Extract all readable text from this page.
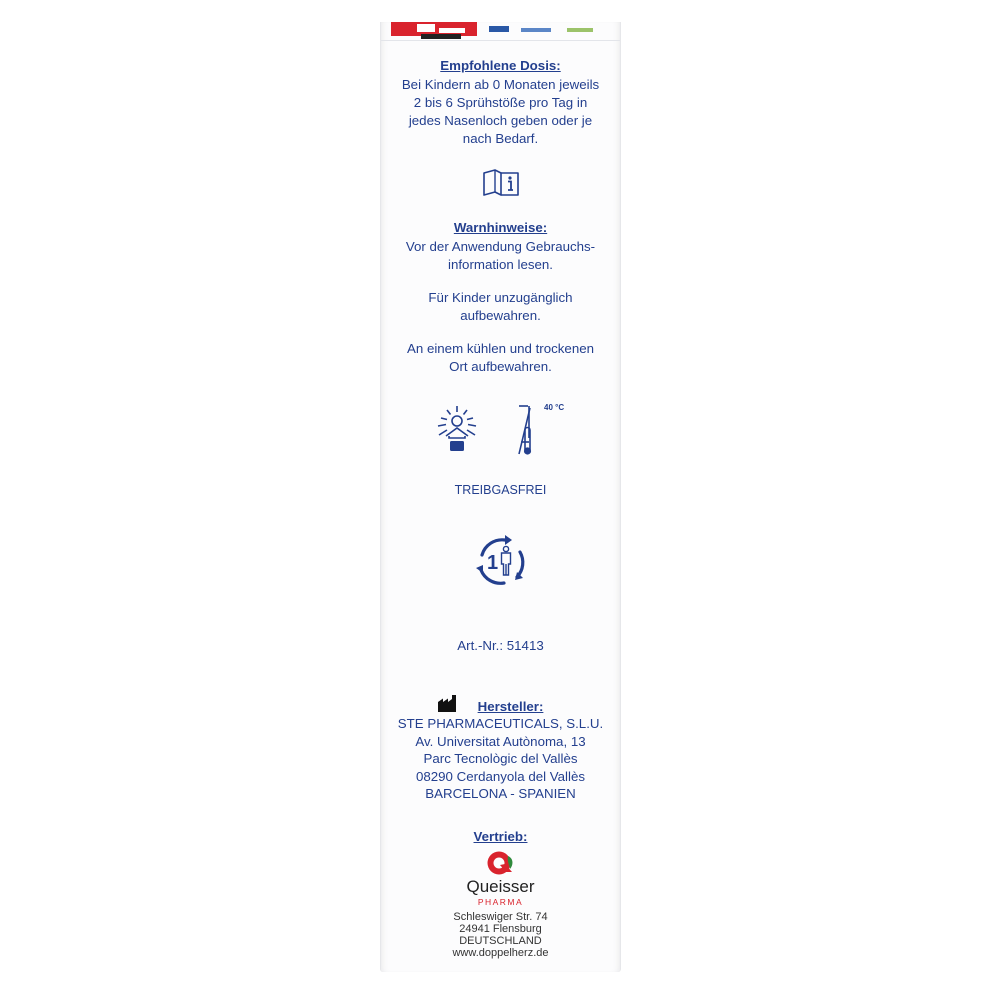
Empfohlene Dosis:
Bei Kindern ab 0 Monaten jeweils
2 bis 6 Sprühstöße pro Tag in
jedes Nasenloch geben oder je
nach Bedarf.
Warnhinweise:
Vor der Anwendung Gebrauchs-
information lesen.
Für Kinder unzugänglich
aufbewahren.
An einem kühlen und trockenen
Ort aufbewahren.
40 °C
TREIBGASFREI
1
Art.-Nr.: 51413
Hersteller:
STE PHARMACEUTICALS, S.L.U.
Av. Universitat Autònoma, 13
Parc Tecnològic del Vallès
08290 Cerdanyola del Vallès
BARCELONA - SPANIEN
Vertrieb:
Queisser
PHARMA
Schleswiger Str. 74
24941 Flensburg
DEUTSCHLAND
www.doppelherz.de
